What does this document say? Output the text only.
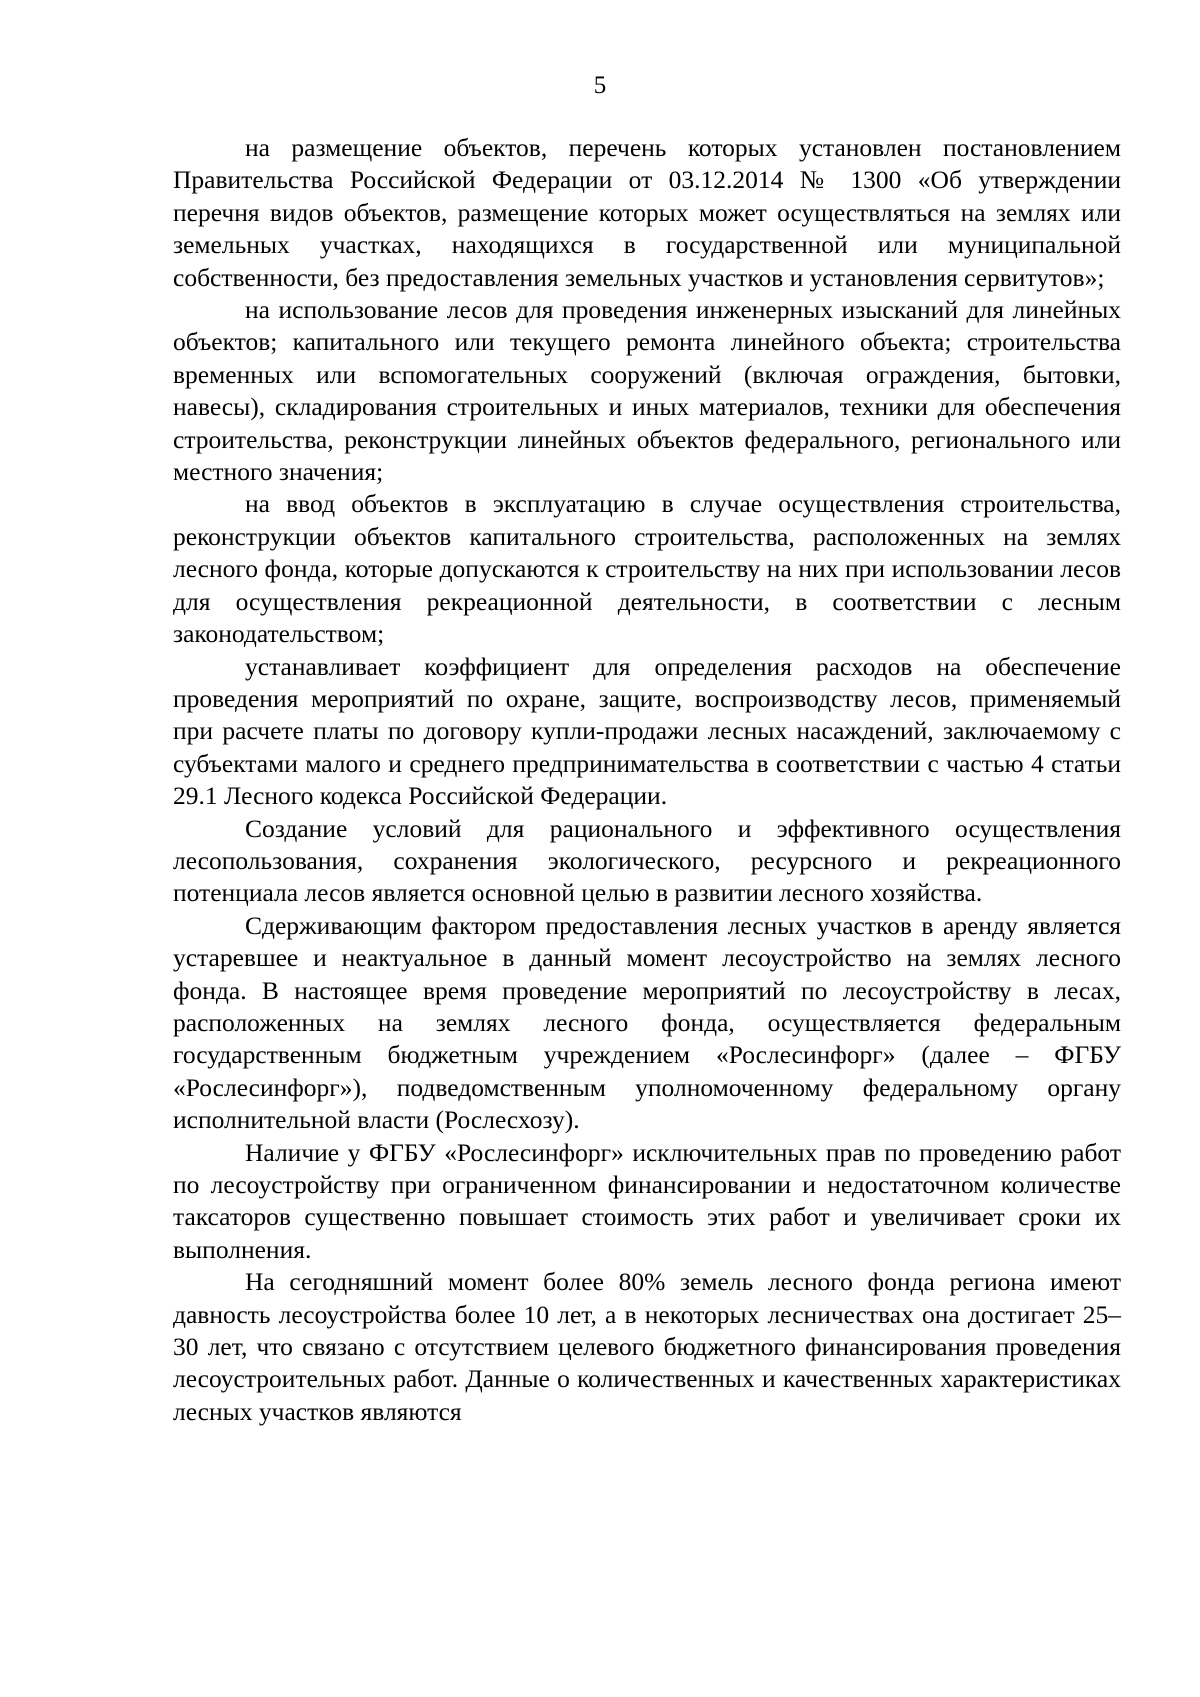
5

на размещение объектов, перечень которых установлен постановлением Правительства Российской Федерации от 03.12.2014 № 1300 «Об утверждении перечня видов объектов, размещение которых может осуществляться на землях или земельных участках, находящихся в государственной или муниципальной собственности, без предоставления земельных участков и установления сервитутов»;

на использование лесов для проведения инженерных изысканий для линейных объектов; капитального или текущего ремонта линейного объекта; строительства временных или вспомогательных сооружений (включая ограждения, бытовки, навесы), складирования строительных и иных материалов, техники для обеспечения строительства, реконструкции линейных объектов федерального, регионального или местного значения;

на ввод объектов в эксплуатацию в случае осуществления строительства, реконструкции объектов капитального строительства, расположенных на землях лесного фонда, которые допускаются к строительству на них при использовании лесов для осуществления рекреационной деятельности, в соответствии с лесным законодательством;

устанавливает коэффициент для определения расходов на обеспечение проведения мероприятий по охране, защите, воспроизводству лесов, применяемый при расчете платы по договору купли-продажи лесных насаждений, заключаемому с субъектами малого и среднего предпринимательства в соответствии с частью 4 статьи 29.1 Лесного кодекса Российской Федерации.

Создание условий для рационального и эффективного осуществления лесопользования, сохранения экологического, ресурсного и рекреационного потенциала лесов является основной целью в развитии лесного хозяйства.

Сдерживающим фактором предоставления лесных участков в аренду является устаревшее и неактуальное в данный момент лесоустройство на землях лесного фонда. В настоящее время проведение мероприятий по лесоустройству в лесах, расположенных на землях лесного фонда, осуществляется федеральным государственным бюджетным учреждением «Рослесинфорг» (далее – ФГБУ «Рослесинфорг»), подведомственным уполномоченному федеральному органу исполнительной власти (Рослесхозу).

Наличие у ФГБУ «Рослесинфорг» исключительных прав по проведению работ по лесоустройству при ограниченном финансировании и недостаточном количестве таксаторов существенно повышает стоимость этих работ и увеличивает сроки их выполнения.

На сегодняшний момент более 80% земель лесного фонда региона имеют давность лесоустройства более 10 лет, а в некоторых лесничествах она достигает 25–30 лет, что связано с отсутствием целевого бюджетного финансирования проведения лесоустроительных работ. Данные о количественных и качественных характеристиках лесных участков являются
